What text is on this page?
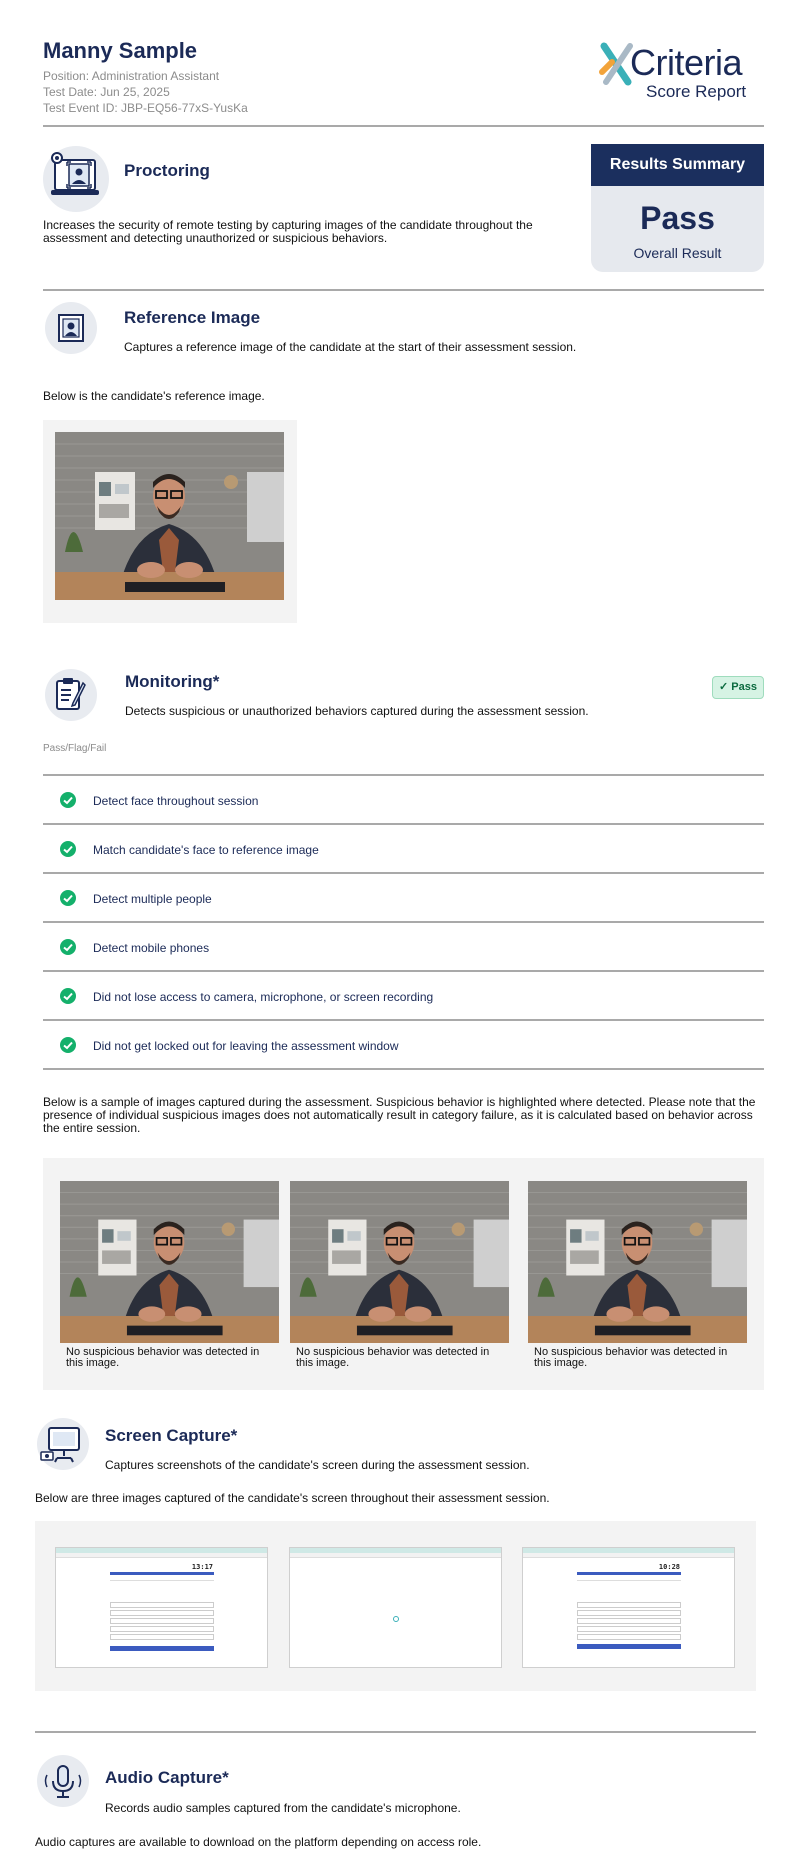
Manny Sample
Position: Administration Assistant
Test Date: Jun 25, 2025
Test Event ID: JBP-EQ56-77xS-YusKa
Criteria
Score Report
Proctoring
Increases the security of remote testing by capturing images of the candidate throughout the assessment and detecting unauthorized or suspicious behaviors.
Results Summary
Pass
Overall Result
Reference Image
Captures a reference image of the candidate at the start of their assessment session.
Below is the candidate's reference image.
Monitoring*
Detects suspicious or unauthorized behaviors captured during the assessment session.
✓ Pass
Pass/Flag/Fail
Detect face throughout session
Match candidate's face to reference image
Detect multiple people
Detect mobile phones
Did not lose access to camera, microphone, or screen recording
Did not get locked out for leaving the assessment window
Below is a sample of images captured during the assessment. Suspicious behavior is highlighted where detected. Please note that the presence of individual suspicious images does not automatically result in category failure, as it is calculated based on behavior across the entire session.
No suspicious behavior was detected in this image.
No suspicious behavior was detected in this image.
No suspicious behavior was detected in this image.
Screen Capture*
Captures screenshots of the candidate's screen during the assessment session.
Below are three images captured of the candidate's screen throughout their assessment session.
13:17	10:28
Audio Capture*
Records audio samples captured from the candidate's microphone.
Audio captures are available to download on the platform depending on access role.
